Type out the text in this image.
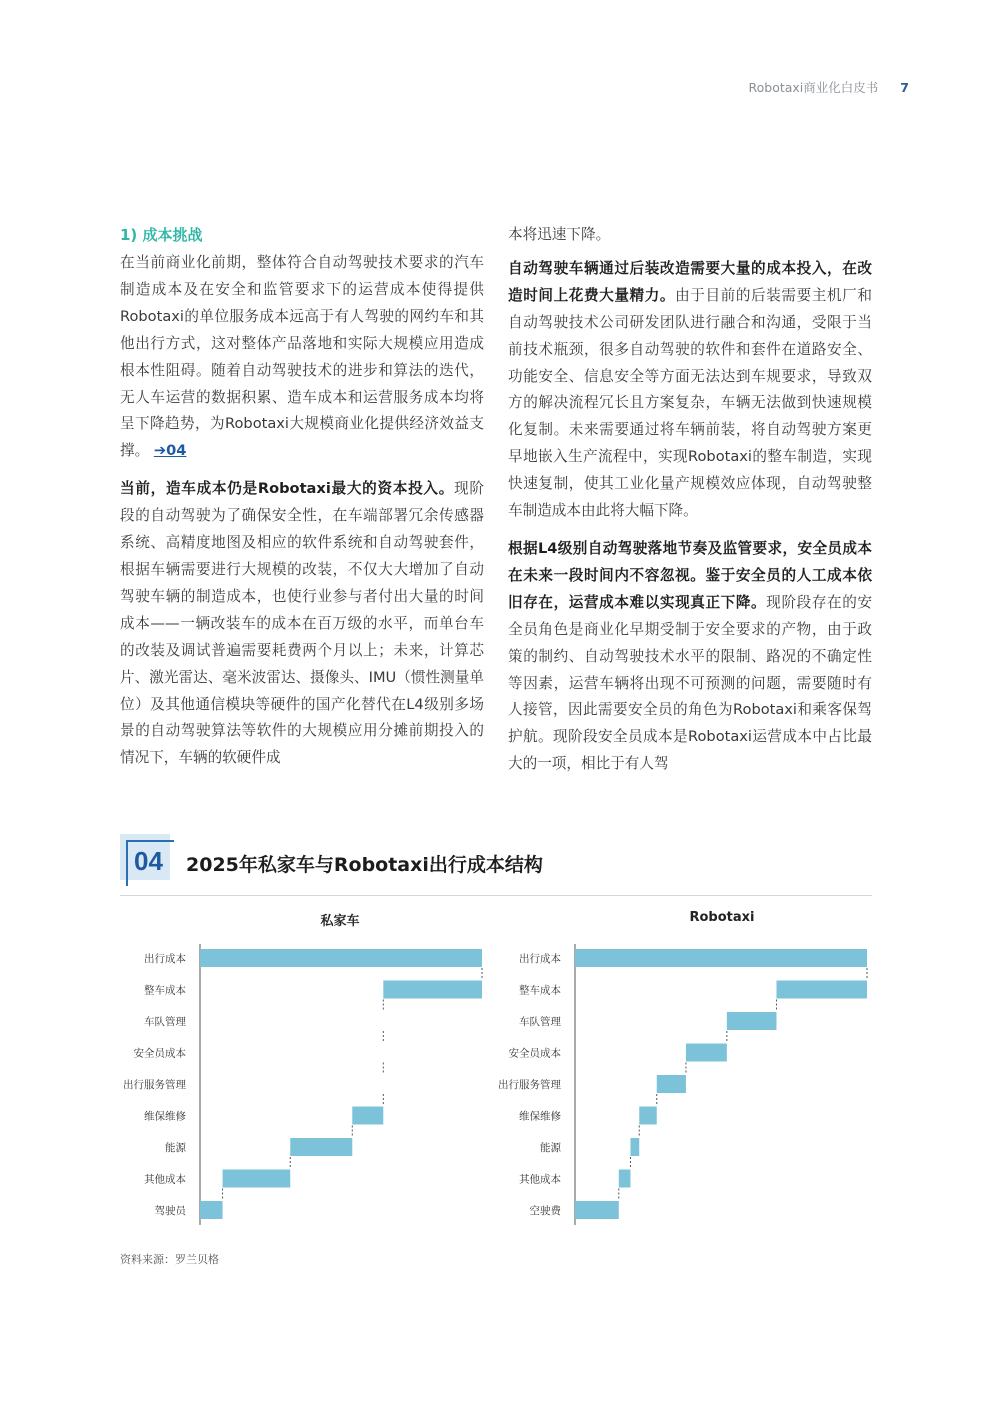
Robotaxi商业化白皮书 7
1) 成本挑战

在当前商业化前期，整体符合自动驾驶技术要求的汽车制造成本及在安全和监管要求下的运营成本使得提供Robotaxi的单位服务成本远高于有人驾驶的网约车和其他出行方式，这对整体产品落地和实际大规模应用造成根本性阻碍。随着自动驾驶技术的进步和算法的迭代，无人车运营的数据积累、造车成本和运营服务成本均将呈下降趋势，为Robotaxi大规模商业化提供经济效益支撑。 ➔04

当前，造车成本仍是Robotaxi最大的资本投入。现阶段的自动驾驶为了确保安全性，在车端部署冗余传感器系统、高精度地图及相应的软件系统和自动驾驶套件，根据车辆需要进行大规模的改装，不仅大大增加了自动驾驶车辆的制造成本，也使行业参与者付出大量的时间成本——一辆改装车的成本在百万级的水平，而单台车的改装及调试普遍需要耗费两个月以上；未来，计算芯片、激光雷达、毫米波雷达、摄像头、IMU（惯性测量单位）及其他通信模块等硬件的国产化替代在L4级别多场景的自动驾驶算法等软件的大规模应用分摊前期投入的情况下，车辆的软硬件成

本将迅速下降。

自动驾驶车辆通过后装改造需要大量的成本投入，在改造时间上花费大量精力。由于目前的后装需要主机厂和自动驾驶技术公司研发团队进行融合和沟通，受限于当前技术瓶颈，很多自动驾驶的软件和套件在道路安全、功能安全、信息安全等方面无法达到车规要求，导致双方的解决流程冗长且方案复杂，车辆无法做到快速规模化复制。未来需要通过将车辆前装，将自动驾驶方案更早地嵌入生产流程中，实现Robotaxi的整车制造，实现快速复制，使其工业化量产规模效应体现，自动驾驶整车制造成本由此将大幅下降。

根据L4级别自动驾驶落地节奏及监管要求，安全员成本在未来一段时间内不容忽视。鉴于安全员的人工成本依旧存在，运营成本难以实现真正下降。现阶段存在的安全员角色是商业化早期受制于安全要求的产物，由于政策的制约、自动驾驶技术水平的限制、路况的不确定性等因素，运营车辆将出现不可预测的问题，需要随时有人接管，因此需要安全员的角色为Robotaxi和乘客保驾护航。现阶段安全员成本是Robotaxi运营成本中占比最大的一项，相比于有人驾

04 2025年私家车与Robotaxi出行成本结构
私家车	Robotaxi
出行成本
整车成本
车队管理
安全员成本
出行服务管理
维保维修
能源
其他成本
驾驶员
出行成本
整车成本
车队管理
安全员成本
出行服务管理
维保维修
能源
其他成本
空驶费
资料来源：罗兰贝格
